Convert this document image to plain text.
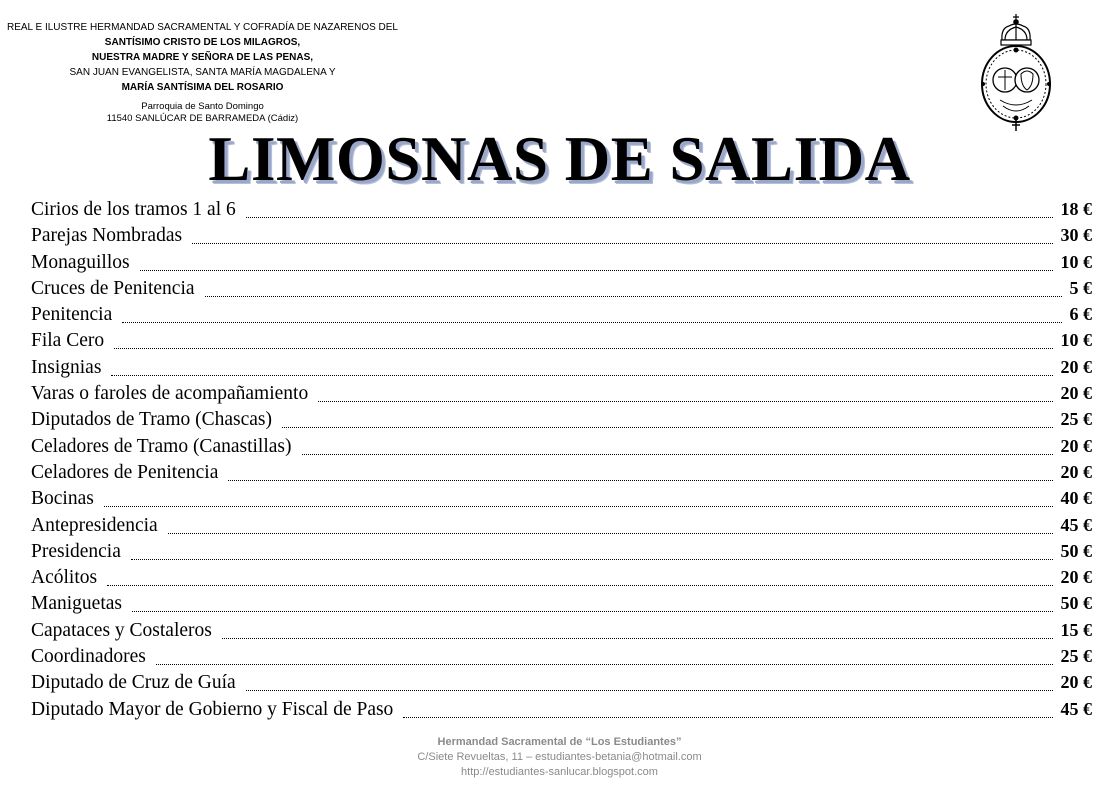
REAL E ILUSTRE HERMANDAD SACRAMENTAL Y COFRADÍA DE NAZARENOS DEL
SANTÍSIMO CRISTO DE LOS MILAGROS,
NUESTRA MADRE Y SEÑORA DE LAS PENAS,
SAN JUAN EVANGELISTA, SANTA MARÍA MAGDALENA Y
MARÍA SANTÍSIMA DEL ROSARIO
Parroquia de Santo Domingo
11540 SANLÚCAR DE BARRAMEDA (Cádiz)
LIMOSNAS DE SALIDA
Cirios de los tramos 1 al 6	18 €
Parejas Nombradas	30 €
Monaguillos	10 €
Cruces de Penitencia	5 €
Penitencia	6 €
Fila Cero	10 €
Insignias	20 €
Varas o faroles de acompañamiento	20 €
Diputados de Tramo (Chascas)	25 €
Celadores de Tramo (Canastillas)	20 €
Celadores de Penitencia	20 €
Bocinas	40 €
Antepresidencia	45 €
Presidencia	50 €
Acólitos	20 €
Maniguetas	50 €
Capataces y Costaleros	15 €
Coordinadores	25 €
Diputado de Cruz de Guía	20 €
Diputado Mayor de Gobierno y Fiscal de Paso	45 €
Hermandad Sacramental de “Los Estudiantes”
C/Siete Revueltas, 11 – estudiantes-betania@hotmail.com
http://estudiantes-sanlucar.blogspot.com
